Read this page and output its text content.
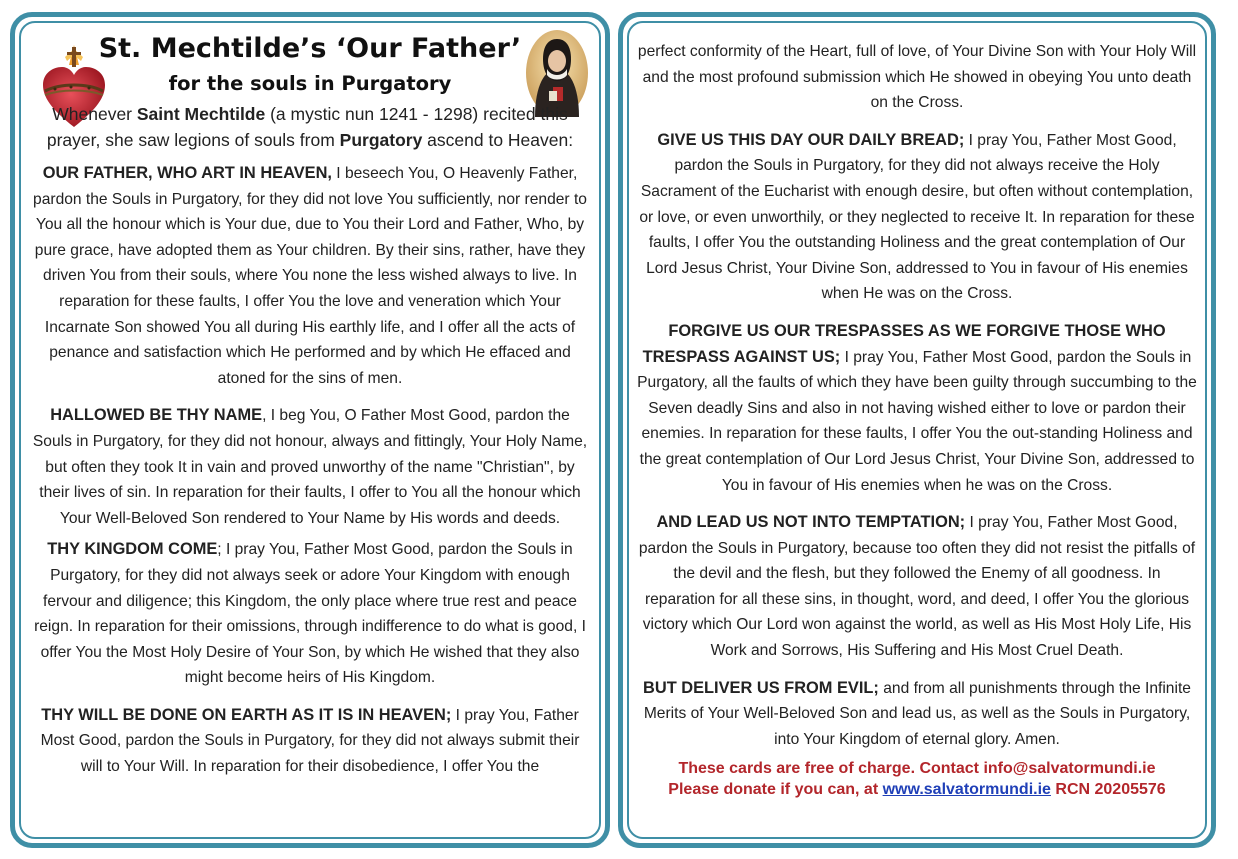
St. Mechtilde’s ‘Our Father’
for the souls in Purgatory
Whenever Saint Mechtilde (a mystic nun 1241 - 1298) recited this prayer, she saw legions of souls from Purgatory ascend to Heaven:

OUR FATHER, WHO ART IN HEAVEN, I beseech You, O Heavenly Father, pardon the Souls in Purgatory, for they did not love You sufficiently, nor render to You all the honour which is Your due, due to You their Lord and Father, Who, by pure grace, have adopted them as Your children. By their sins, rather, have they driven You from their souls, where You none the less wished always to live. In reparation for these faults, I offer You the love and veneration which Your Incarnate Son showed You all during His earthly life, and I offer all the acts of penance and satisfaction which He performed and by which He effaced and atoned for the sins of men.

HALLOWED BE THY NAME, I beg You, O Father Most Good, pardon the Souls in Purgatory, for they did not honour, always and fittingly, Your Holy Name, but often they took It in vain and proved unworthy of the name "Christian", by their lives of sin. In reparation for their faults, I offer to You all the honour which Your Well-Beloved Son rendered to Your Name by His words and deeds.

THY KINGDOM COME; I pray You, Father Most Good, pardon the Souls in Purgatory, for they did not always seek or adore Your Kingdom with enough fervour and diligence; this Kingdom, the only place where true rest and peace reign. In reparation for their omissions, through indifference to do what is good, I offer You the Most Holy Desire of Your Son, by which He wished that they also might become heirs of His Kingdom.

THY WILL BE DONE ON EARTH AS IT IS IN HEAVEN; I pray You, Father Most Good, pardon the Souls in Purgatory, for they did not always submit their will to Your Will. In reparation for their disobedience, I offer You the

perfect conformity of the Heart, full of love, of Your Divine Son with Your Holy Will and the most profound submission which He showed in obeying You unto death on the Cross.

GIVE US THIS DAY OUR DAILY BREAD; I pray You, Father Most Good, pardon the Souls in Purgatory, for they did not always receive the Holy Sacrament of the Eucharist with enough desire, but often without contemplation, or love, or even unworthily, or they neglected to receive It. In reparation for these faults, I offer You the outstanding Holiness and the great contemplation of Our Lord Jesus Christ, Your Divine Son, addressed to You in favour of His enemies when He was on the Cross.

FORGIVE US OUR TRESPASSES AS WE FORGIVE THOSE WHO
TRESPASS AGAINST US; I pray You, Father Most Good, pardon the Souls in Purgatory, all the faults of which they have been guilty through succumbing to the Seven deadly Sins and also in not having wished either to love or pardon their enemies. In reparation for these faults, I offer You the out-standing Holiness and the great contemplation of Our Lord Jesus Christ, Your Divine Son, addressed to You in favour of His enemies when he was on the Cross.

AND LEAD US NOT INTO TEMPTATION; I pray You, Father Most Good, pardon the Souls in Purgatory, because too often they did not resist the pitfalls of the devil and the flesh, but they followed the Enemy of all goodness. In reparation for all these sins, in thought, word, and deed, I offer You the glorious victory which Our Lord won against the world, as well as His Most Holy Life, His Work and Sorrows, His Suffering and His Most Cruel Death.

BUT DELIVER US FROM EVIL; and from all punishments through the Infinite Merits of Your Well-Beloved Son and lead us, as well as the Souls in Purgatory, into Your Kingdom of eternal glory. Amen.

These cards are free of charge. Contact info@salvatormundi.ie
Please donate if you can, at www.salvatormundi.ie RCN 20205576
